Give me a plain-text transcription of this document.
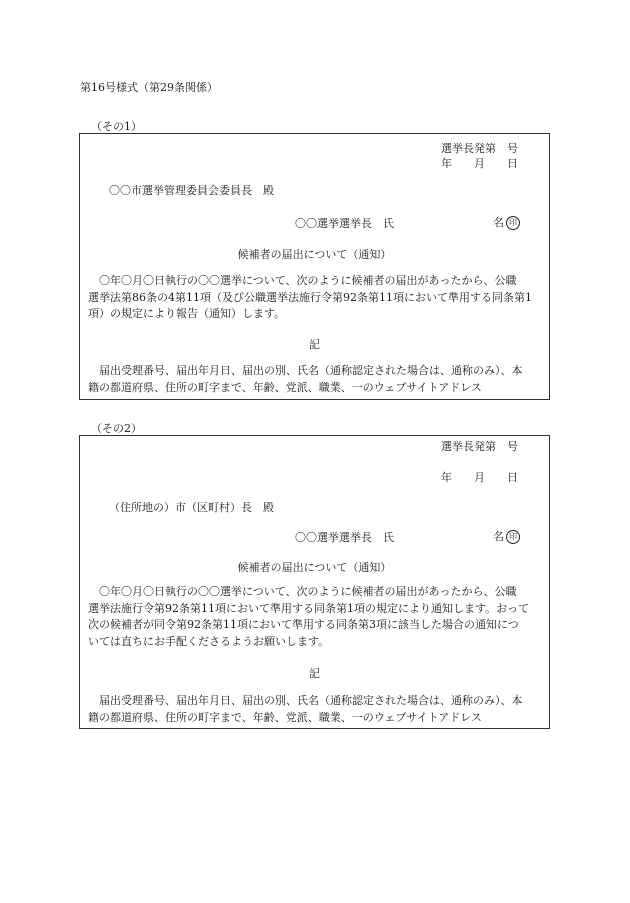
第16号様式（第29条関係）
（その1）
選挙長発第　号
年　　月　　日
〇〇市選挙管理委員会委員長　殿
〇〇選挙選挙長　氏	名 印
候補者の届出について（通知）

〇年〇月〇日執行の〇〇選挙について、次のように候補者の届出があったから、公職

選挙法第86条の4第11項（及び公職選挙法施行令第92条第11項において準用する同条第1

項）の規定により報告（通知）します。

記

届出受理番号、届出年月日、届出の別、氏名（通称認定された場合は、通称のみ）、本

籍の都道府県、住所の町字まで、年齢、党派、職業、一のウェブサイトアドレス

（その2）
選挙長発第　号
年　　月　　日
（住所地の）市（区町村）長　殿
〇〇選挙選挙長　氏	名 印
候補者の届出について（通知）

〇年〇月〇日執行の〇〇選挙について、次のように候補者の届出があったから、公職

選挙法施行令第92条第11項において準用する同条第1項の規定により通知します。おって

次の候補者が同令第92条第11項において準用する同条第3項に該当した場合の通知につ

いては直ちにお手配くださるようお願いします。

記

届出受理番号、届出年月日、届出の別、氏名（通称認定された場合は、通称のみ）、本

籍の都道府県、住所の町字まで、年齢、党派、職業、一のウェブサイトアドレス
